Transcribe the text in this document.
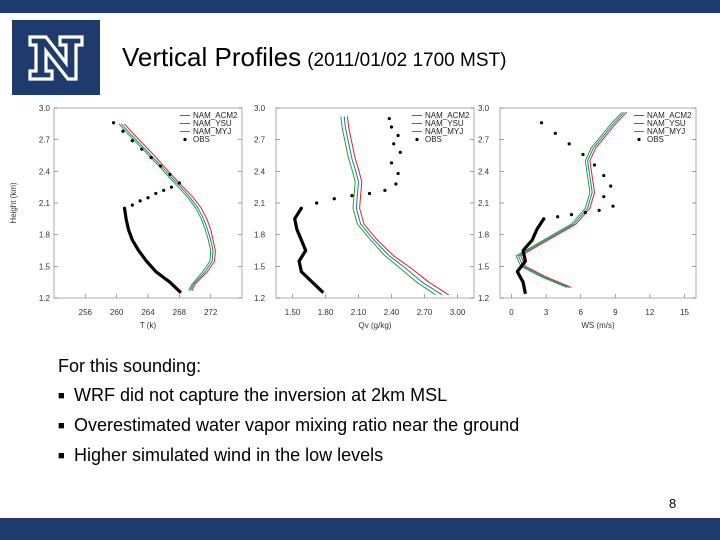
Vertical Profiles (2011/01/02 1700 MST)
1.2
1.5
1.8
2.1
2.4
2.7
3.0
256 260 264 268 272
T (k)
Height (km)
NAM_ACM2
NAM_YSU
NAM_MYJ
OBS
1.2
1.5
1.8
2.1
2.4
2.7
3.0
1.50 1.80 2.10 2.40 2.70 3.00
Qv (g/kg)
NAM_ACM2
NAM_YSU
NAM_MYJ
OBS
1.2
1.5
1.8
2.1
2.4
2.7
3.0
0	3	6	9	12	15
WS (m/s)
NAM_ACM2
NAM_YSU
NAM_MYJ
OBS
For this sounding:
■ WRF did not capture the inversion at 2km MSL
■ Overestimated water vapor mixing ratio near the ground
■ Higher simulated wind in the low levels
8
